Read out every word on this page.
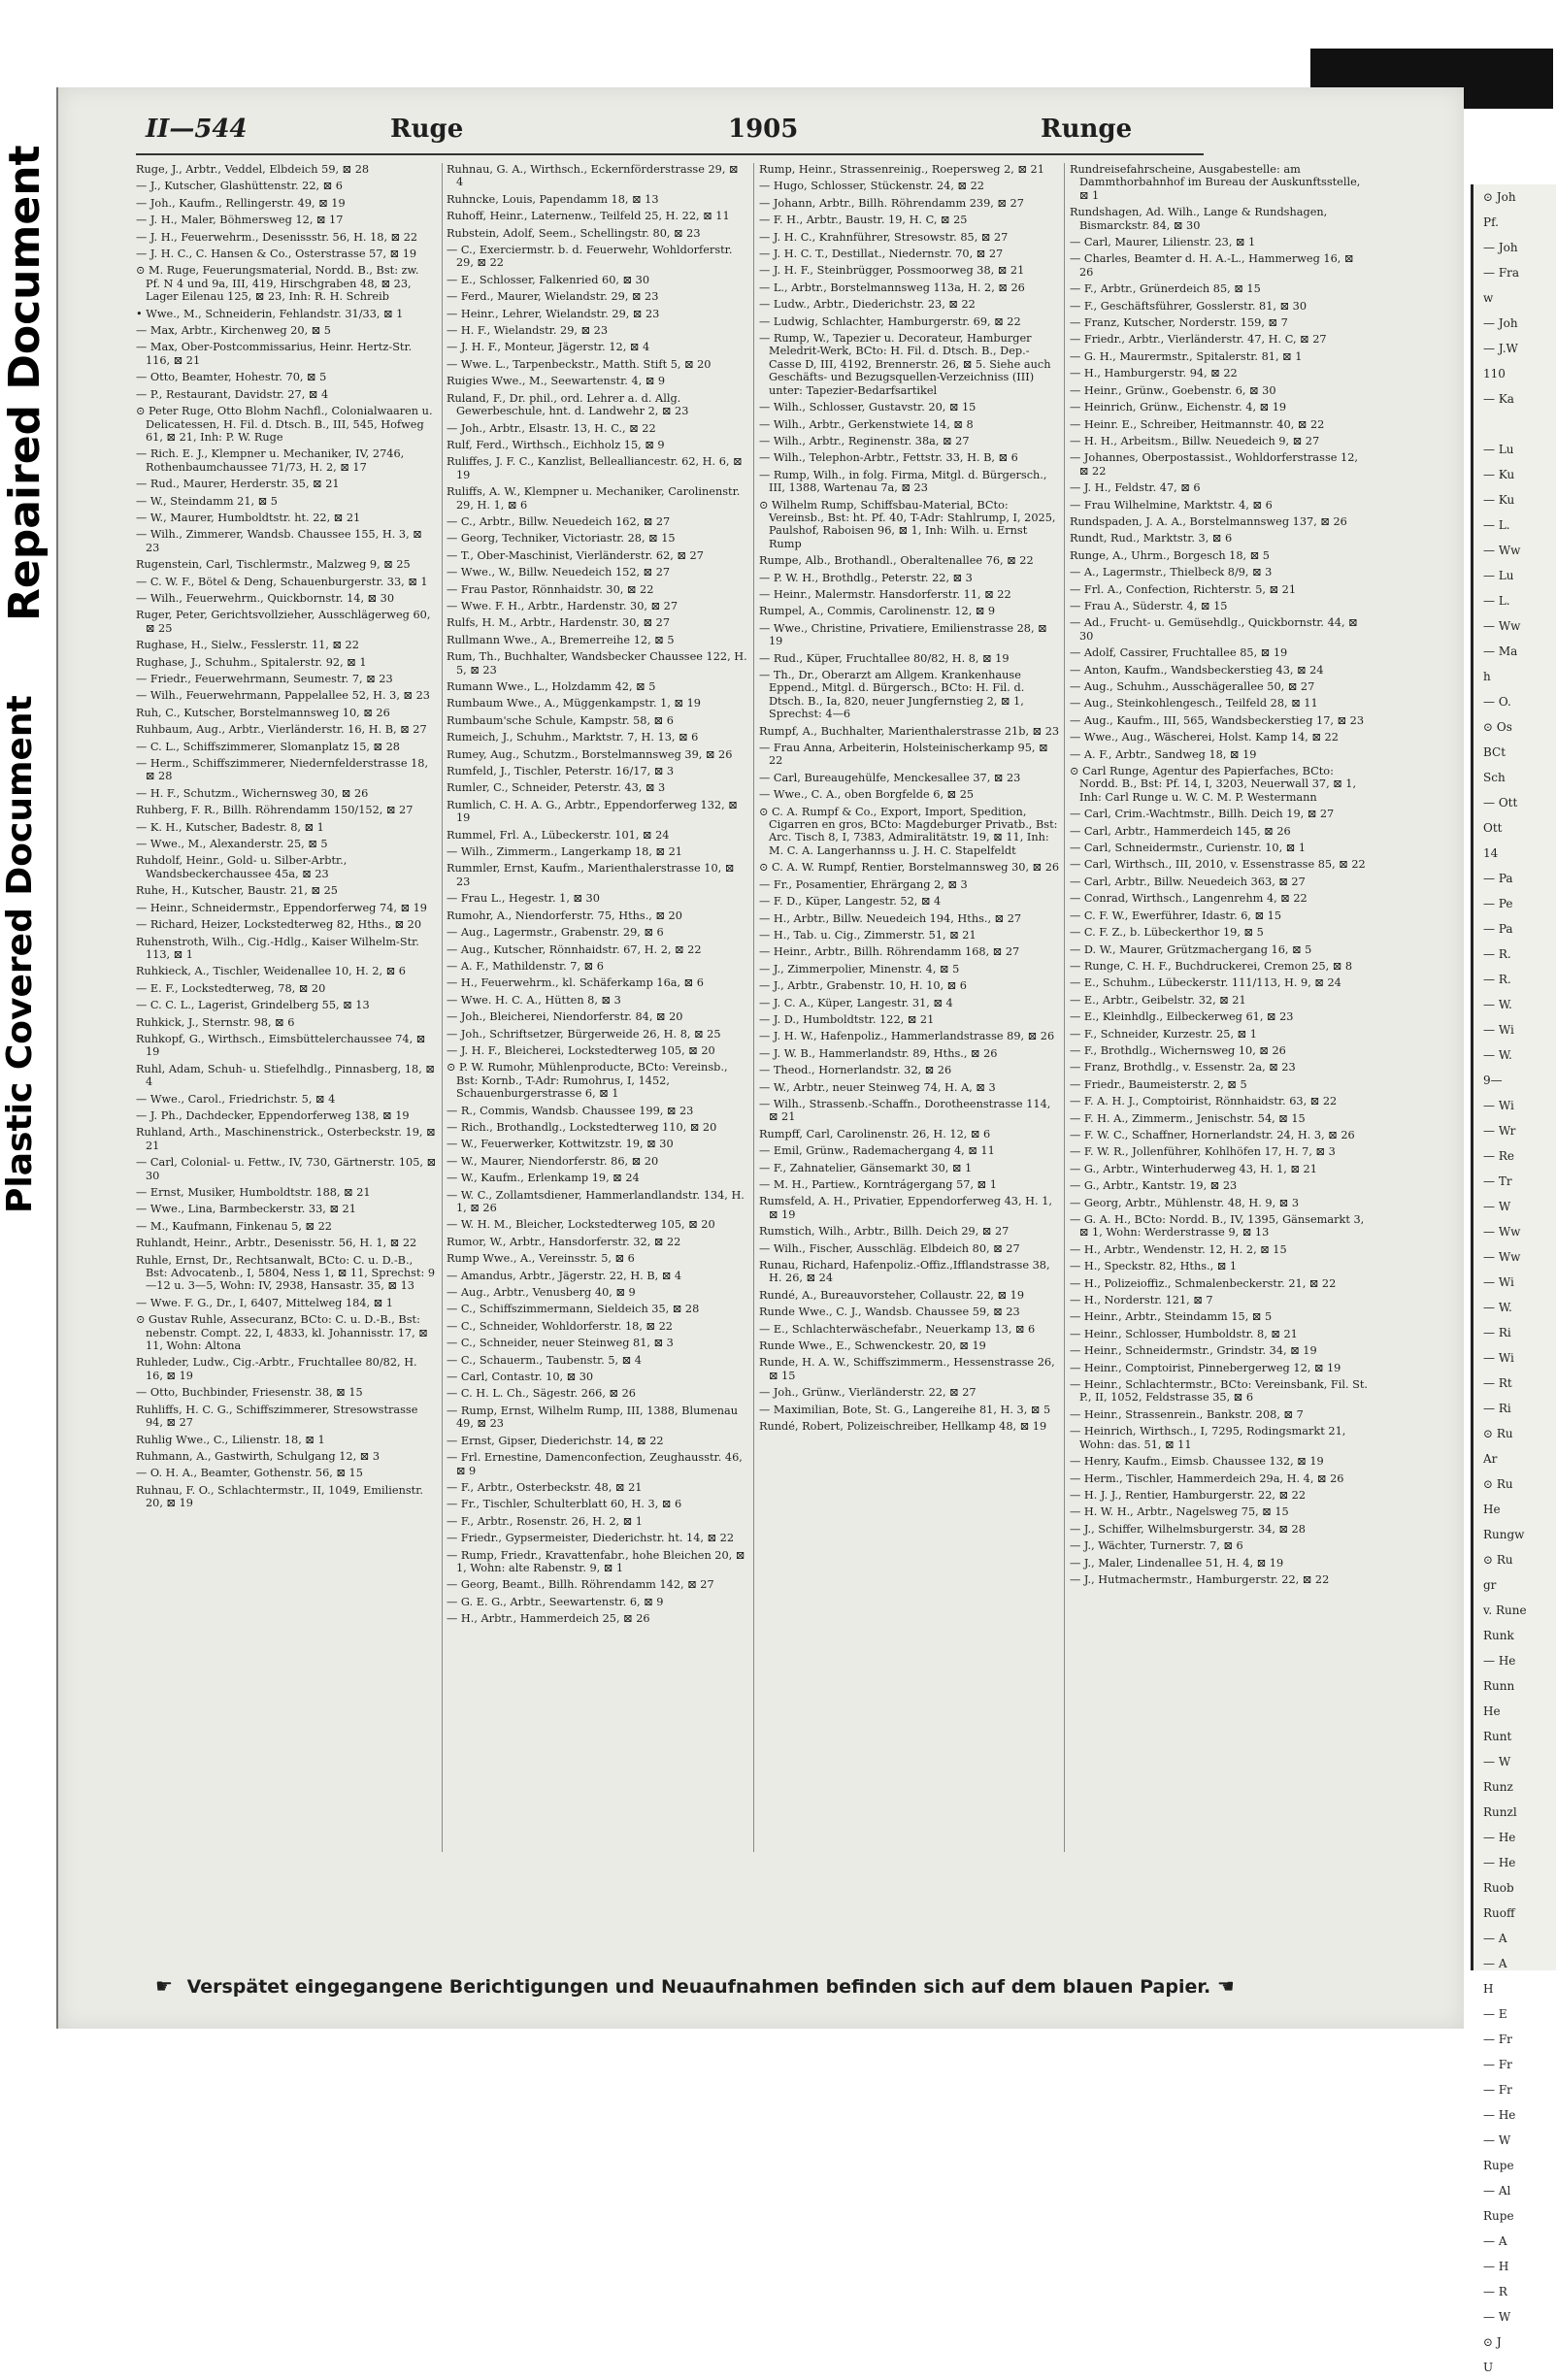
Repaired Document
Plastic Covered Document
II—544	Ruge	1905	Runge
Ruge, J., Arbtr., Veddel, Elbdeich 59, ⊠ 28
— J., Kutscher, Glashüttenstr. 22, ⊠ 6
— Joh., Kaufm., Rellingerstr. 49, ⊠ 19
— J. H., Maler, Böhmersweg 12, ⊠ 17
— J. H., Feuerwehrm., Desenissstr. 56, H. 18, ⊠ 22
— J. H. C., C. Hansen & Co., Osterstrasse 57, ⊠ 19
⊙ M. Ruge, Feuerungsmaterial, Nordd. B., Bst: zw. Pf. N 4 und 9a, III, 419, Hirschgraben 48, ⊠ 23, Lager Eilenau 125, ⊠ 23, Inh: R. H. Schreib
• Wwe., M., Schneiderin, Fehlandstr. 31/33, ⊠ 1
— Max, Arbtr., Kirchenweg 20, ⊠ 5
— Max, Ober-Postcommissarius, Heinr. Hertz-Str. 116, ⊠ 21
— Otto, Beamter, Hohestr. 70, ⊠ 5
— P., Restaurant, Davidstr. 27, ⊠ 4
⊙ Peter Ruge, Otto Blohm Nachfl., Colonialwaaren u. Delicatessen, H. Fil. d. Dtsch. B., III, 545, Hofweg 61, ⊠ 21, Inh: P. W. Ruge
— Rich. E. J., Klempner u. Mechaniker, IV, 2746, Rothenbaumchaussee 71/73, H. 2, ⊠ 17
— Rud., Maurer, Herderstr. 35, ⊠ 21
— W., Steindamm 21, ⊠ 5
— W., Maurer, Humboldtstr. ht. 22, ⊠ 21
— Wilh., Zimmerer, Wandsb. Chaussee 155, H. 3, ⊠ 23
Rugenstein, Carl, Tischlermstr., Malzweg 9, ⊠ 25
— C. W. F., Bötel & Deng, Schauenburgerstr. 33, ⊠ 1
— Wilh., Feuerwehrm., Quickbornstr. 14, ⊠ 30
Ruger, Peter, Gerichtsvollzieher, Ausschlägerweg 60, ⊠ 25
Rughase, H., Sielw., Fesslerstr. 11, ⊠ 22
Rughase, J., Schuhm., Spitalerstr. 92, ⊠ 1
— Friedr., Feuerwehrmann, Seumestr. 7, ⊠ 23
— Wilh., Feuerwehrmann, Pappelallee 52, H. 3, ⊠ 23
Ruh, C., Kutscher, Borstelmannsweg 10, ⊠ 26
Ruhbaum, Aug., Arbtr., Vierländerstr. 16, H. B, ⊠ 27
— C. L., Schiffszimmerer, Slomanplatz 15, ⊠ 28
— Herm., Schiffszimmerer, Niedernfelderstrasse 18, ⊠ 28
— H. F., Schutzm., Wichernsweg 30, ⊠ 26
Ruhberg, F. R., Billh. Röhrendamm 150/152, ⊠ 27
— K. H., Kutscher, Badestr. 8, ⊠ 1
— Wwe., M., Alexanderstr. 25, ⊠ 5
Ruhdolf, Heinr., Gold- u. Silber-Arbtr., Wandsbeckerchaussee 45a, ⊠ 23
Ruhe, H., Kutscher, Baustr. 21, ⊠ 25
— Heinr., Schneidermstr., Eppendorferweg 74, ⊠ 19
— Richard, Heizer, Lockstedterweg 82, Hths., ⊠ 20
Ruhenstroth, Wilh., Cig.-Hdlg., Kaiser Wilhelm-Str. 113, ⊠ 1
Ruhkieck, A., Tischler, Weidenallee 10, H. 2, ⊠ 6
— E. F., Lockstedterweg, 78, ⊠ 20
— C. C. L., Lagerist, Grindelberg 55, ⊠ 13
Ruhkick, J., Sternstr. 98, ⊠ 6
Ruhkopf, G., Wirthsch., Eimsbüttelerchaussee 74, ⊠ 19
Ruhl, Adam, Schuh- u. Stiefelhdlg., Pinnasberg, 18, ⊠ 4
— Wwe., Carol., Friedrichstr. 5, ⊠ 4
— J. Ph., Dachdecker, Eppendorferweg 138, ⊠ 19
Ruhland, Arth., Maschinenstrick., Osterbeckstr. 19, ⊠ 21
— Carl, Colonial- u. Fettw., IV, 730, Gärtnerstr. 105, ⊠ 30
— Ernst, Musiker, Humboldtstr. 188, ⊠ 21
— Wwe., Lina, Barmbeckerstr. 33, ⊠ 21
— M., Kaufmann, Finkenau 5, ⊠ 22
Ruhlandt, Heinr., Arbtr., Desenisstr. 56, H. 1, ⊠ 22
Ruhle, Ernst, Dr., Rechtsanwalt, BCto: C. u. D.-B., Bst: Advocatenb., I, 5804, Ness 1, ⊠ 11, Sprechst: 9—12 u. 3—5, Wohn: IV, 2938, Hansastr. 35, ⊠ 13
— Wwe. F. G., Dr., I, 6407, Mittelweg 184, ⊠ 1
⊙ Gustav Ruhle, Assecuranz, BCto: C. u. D.-B., Bst: nebenstr. Compt. 22, I, 4833, kl. Johannisstr. 17, ⊠ 11, Wohn: Altona
Ruhleder, Ludw., Cig.-Arbtr., Fruchtallee 80/82, H. 16, ⊠ 19
— Otto, Buchbinder, Friesenstr. 38, ⊠ 15
Ruhliffs, H. C. G., Schiffszimmerer, Stresowstrasse 94, ⊠ 27
Ruhlig Wwe., C., Lilienstr. 18, ⊠ 1
Ruhmann, A., Gastwirth, Schulgang 12, ⊠ 3
— O. H. A., Beamter, Gothenstr. 56, ⊠ 15
Ruhnau, F. O., Schlachtermstr., II, 1049, Emilienstr. 20, ⊠ 19
Ruhnau, G. A., Wirthsch., Eckernförderstrasse 29, ⊠ 4
Ruhncke, Louis, Papendamm 18, ⊠ 13
Ruhoff, Heinr., Laternenw., Teilfeld 25, H. 22, ⊠ 11
Rubstein, Adolf, Seem., Schellingstr. 80, ⊠ 23
— C., Exerciermstr. b. d. Feuerwehr, Wohldorferstr. 29, ⊠ 22
— E., Schlosser, Falkenried 60, ⊠ 30
— Ferd., Maurer, Wielandstr. 29, ⊠ 23
— Heinr., Lehrer, Wielandstr. 29, ⊠ 23
— H. F., Wielandstr. 29, ⊠ 23
— J. H. F., Monteur, Jägerstr. 12, ⊠ 4
— Wwe. L., Tarpenbeckstr., Matth. Stift 5, ⊠ 20
Ruigies Wwe., M., Seewartenstr. 4, ⊠ 9
Ruland, F., Dr. phil., ord. Lehrer a. d. Allg. Gewerbeschule, hnt. d. Landwehr 2, ⊠ 23
— Joh., Arbtr., Elsastr. 13, H. C., ⊠ 22
Rulf, Ferd., Wirthsch., Eichholz 15, ⊠ 9
Ruliffes, J. F. C., Kanzlist, Bellealliancestr. 62, H. 6, ⊠ 19
Ruliffs, A. W., Klempner u. Mechaniker, Carolinenstr. 29, H. 1, ⊠ 6
— C., Arbtr., Billw. Neuedeich 162, ⊠ 27
— Georg, Techniker, Victoriastr. 28, ⊠ 15
— T., Ober-Maschinist, Vierländerstr. 62, ⊠ 27
— Wwe., W., Billw. Neuedeich 152, ⊠ 27
— Frau Pastor, Rönnhaidstr. 30, ⊠ 22
— Wwe. F. H., Arbtr., Hardenstr. 30, ⊠ 27
Rulfs, H. M., Arbtr., Hardenstr. 30, ⊠ 27
Rullmann Wwe., A., Bremerreihe 12, ⊠ 5
Rum, Th., Buchhalter, Wandsbecker Chaussee 122, H. 5, ⊠ 23
Rumann Wwe., L., Holzdamm 42, ⊠ 5
Rumbaum Wwe., A., Müggenkampstr. 1, ⊠ 19
Rumbaum'sche Schule, Kampstr. 58, ⊠ 6
Rumeich, J., Schuhm., Marktstr. 7, H. 13, ⊠ 6
Rumey, Aug., Schutzm., Borstelmannsweg 39, ⊠ 26
Rumfeld, J., Tischler, Peterstr. 16/17, ⊠ 3
Rumler, C., Schneider, Peterstr. 43, ⊠ 3
Rumlich, C. H. A. G., Arbtr., Eppendorferweg 132, ⊠ 19
Rummel, Frl. A., Lübeckerstr. 101, ⊠ 24
— Wilh., Zimmerm., Langerkamp 18, ⊠ 21
Rummler, Ernst, Kaufm., Marienthalerstrasse 10, ⊠ 23
— Frau L., Hegestr. 1, ⊠ 30
Rumohr, A., Niendorferstr. 75, Hths., ⊠ 20
— Aug., Lagermstr., Grabenstr. 29, ⊠ 6
— Aug., Kutscher, Rönnhaidstr. 67, H. 2, ⊠ 22
— A. F., Mathildenstr. 7, ⊠ 6
— H., Feuerwehrm., kl. Schäferkamp 16a, ⊠ 6
— Wwe. H. C. A., Hütten 8, ⊠ 3
— Joh., Bleicherei, Niendorferstr. 84, ⊠ 20
— Joh., Schriftsetzer, Bürgerweide 26, H. 8, ⊠ 25
— J. H. F., Bleicherei, Lockstedterweg 105, ⊠ 20
⊙ P. W. Rumohr, Mühlenproducte, BCto: Vereinsb., Bst: Kornb., T-Adr: Rumohrus, I, 1452, Schauenburgerstrasse 6, ⊠ 1
— R., Commis, Wandsb. Chaussee 199, ⊠ 23
— Rich., Brothandlg., Lockstedterweg 110, ⊠ 20
— W., Feuerwerker, Kottwitzstr. 19, ⊠ 30
— W., Maurer, Niendorferstr. 86, ⊠ 20
— W., Kaufm., Erlenkamp 19, ⊠ 24
— W. C., Zollamtsdiener, Hammerlandlandstr. 134, H. 1, ⊠ 26
— W. H. M., Bleicher, Lockstedterweg 105, ⊠ 20
Rumor, W., Arbtr., Hansdorferstr. 32, ⊠ 22
Rump Wwe., A., Vereinsstr. 5, ⊠ 6
— Amandus, Arbtr., Jägerstr. 22, H. B, ⊠ 4
— Aug., Arbtr., Venusberg 40, ⊠ 9
— C., Schiffszimmermann, Sieldeich 35, ⊠ 28
— C., Schneider, Wohldorferstr. 18, ⊠ 22
— C., Schneider, neuer Steinweg 81, ⊠ 3
— C., Schauerm., Taubenstr. 5, ⊠ 4
— Carl, Contastr. 10, ⊠ 30
— C. H. L. Ch., Sägestr. 266, ⊠ 26
— Rump, Ernst, Wilhelm Rump, III, 1388, Blumenau 49, ⊠ 23
— Ernst, Gipser, Diederichstr. 14, ⊠ 22
— Frl. Ernestine, Damenconfection, Zeughausstr. 46, ⊠ 9
— F., Arbtr., Osterbeckstr. 48, ⊠ 21
— Fr., Tischler, Schulterblatt 60, H. 3, ⊠ 6
— F., Arbtr., Rosenstr. 26, H. 2, ⊠ 1
— Friedr., Gypsermeister, Diederichstr. ht. 14, ⊠ 22
— Rump, Friedr., Kravattenfabr., hohe Bleichen 20, ⊠ 1, Wohn: alte Rabenstr. 9, ⊠ 1
— Georg, Beamt., Billh. Röhrendamm 142, ⊠ 27
— G. E. G., Arbtr., Seewartenstr. 6, ⊠ 9
— H., Arbtr., Hammerdeich 25, ⊠ 26
Rump, Heinr., Strassenreinig., Roepersweg 2, ⊠ 21
— Hugo, Schlosser, Stückenstr. 24, ⊠ 22
— Johann, Arbtr., Billh. Röhrendamm 239, ⊠ 27
— F. H., Arbtr., Baustr. 19, H. C, ⊠ 25
— J. H. C., Krahnführer, Stresowstr. 85, ⊠ 27
— J. H. C. T., Destillat., Niedernstr. 70, ⊠ 27
— J. H. F., Steinbrügger, Possmoorweg 38, ⊠ 21
— L., Arbtr., Borstelmannsweg 113a, H. 2, ⊠ 26
— Ludw., Arbtr., Diederichstr. 23, ⊠ 22
— Ludwig, Schlachter, Hamburgerstr. 69, ⊠ 22
— Rump, W., Tapezier u. Decorateur, Hamburger Meledrit-Werk, BCto: H. Fil. d. Dtsch. B., Dep.-Casse D, III, 4192, Brennerstr. 26, ⊠ 5. Siehe auch Geschäfts- und Bezugsquellen-Verzeichniss (III) unter: Tapezier-Bedarfsartikel
— Wilh., Schlosser, Gustavstr. 20, ⊠ 15
— Wilh., Arbtr., Gerkenstwiete 14, ⊠ 8
— Wilh., Arbtr., Reginenstr. 38a, ⊠ 27
— Wilh., Telephon-Arbtr., Fettstr. 33, H. B, ⊠ 6
— Rump, Wilh., in folg. Firma, Mitgl. d. Bürgersch., III, 1388, Wartenau 7a, ⊠ 23
⊙ Wilhelm Rump, Schiffsbau-Material, BCto: Vereinsb., Bst: ht. Pf. 40, T-Adr: Stahlrump, I, 2025, Paulshof, Raboisen 96, ⊠ 1, Inh: Wilh. u. Ernst Rump
Rumpe, Alb., Brothandl., Oberaltenallee 76, ⊠ 22
— P. W. H., Brothdlg., Peterstr. 22, ⊠ 3
— Heinr., Malermstr. Hansdorferstr. 11, ⊠ 22
Rumpel, A., Commis, Carolinenstr. 12, ⊠ 9
— Wwe., Christine, Privatiere, Emilienstrasse 28, ⊠ 19
— Rud., Küper, Fruchtallee 80/82, H. 8, ⊠ 19
— Th., Dr., Oberarzt am Allgem. Krankenhause Eppend., Mitgl. d. Bürgersch., BCto: H. Fil. d. Dtsch. B., Ia, 820, neuer Jungfernstieg 2, ⊠ 1, Sprechst: 4—6
Rumpf, A., Buchhalter, Marienthalerstrasse 21b, ⊠ 23
— Frau Anna, Arbeiterin, Holsteinischerkamp 95, ⊠ 22
— Carl, Bureaugehülfe, Menckesallee 37, ⊠ 23
— Wwe., C. A., oben Borgfelde 6, ⊠ 25
⊙ C. A. Rumpf & Co., Export, Import, Spedition, Cigarren en gros, BCto: Magdeburger Privatb., Bst: Arc. Tisch 8, I, 7383, Admiralitätstr. 19, ⊠ 11, Inh: M. C. A. Langerhannss u. J. H. C. Stapelfeldt
⊙ C. A. W. Rumpf, Rentier, Borstelmannsweg 30, ⊠ 26
— Fr., Posamentier, Ehrärgang 2, ⊠ 3
— F. D., Küper, Langestr. 52, ⊠ 4
— H., Arbtr., Billw. Neuedeich 194, Hths., ⊠ 27
— H., Tab. u. Cig., Zimmerstr. 51, ⊠ 21
— Heinr., Arbtr., Billh. Röhrendamm 168, ⊠ 27
— J., Zimmerpolier, Minenstr. 4, ⊠ 5
— J., Arbtr., Grabenstr. 10, H. 10, ⊠ 6
— J. C. A., Küper, Langestr. 31, ⊠ 4
— J. D., Humboldtstr. 122, ⊠ 21
— J. H. W., Hafenpoliz., Hammerlandstrasse 89, ⊠ 26
— J. W. B., Hammerlandstr. 89, Hths., ⊠ 26
— Theod., Hornerlandstr. 32, ⊠ 26
— W., Arbtr., neuer Steinweg 74, H. A, ⊠ 3
— Wilh., Strassenb.-Schaffn., Dorotheenstrasse 114, ⊠ 21
Rumpff, Carl, Carolinenstr. 26, H. 12, ⊠ 6
— Emil, Grünw., Rademachergang 4, ⊠ 11
— F., Zahnatelier, Gänsemarkt 30, ⊠ 1
— M. H., Partiew., Korntrágergang 57, ⊠ 1
Rumsfeld, A. H., Privatier, Eppendorferweg 43, H. 1, ⊠ 19
Rumstich, Wilh., Arbtr., Billh. Deich 29, ⊠ 27
— Wilh., Fischer, Ausschläg. Elbdeich 80, ⊠ 27
Runau, Richard, Hafenpoliz.-Offiz.,Ifflandstrasse 38, H. 26, ⊠ 24
Rundé, A., Bureauvorsteher, Collaustr. 22, ⊠ 19
Runde Wwe., C. J., Wandsb. Chaussee 59, ⊠ 23
— E., Schlachterwäschefabr., Neuerkamp 13, ⊠ 6
Runde Wwe., E., Schwenckestr. 20, ⊠ 19
Runde, H. A. W., Schiffszimmerm., Hessenstrasse 26, ⊠ 15
— Joh., Grünw., Vierländerstr. 22, ⊠ 27
— Maximilian, Bote, St. G., Langereihe 81, H. 3, ⊠ 5
Rundé, Robert, Polizeischreiber, Hellkamp 48, ⊠ 19
Rundreisefahrscheine, Ausgabestelle: am Dammthorbahnhof im Bureau der Auskunftsstelle, ⊠ 1
Rundshagen, Ad. Wilh., Lange & Rundshagen, Bismarckstr. 84, ⊠ 30
— Carl, Maurer, Lilienstr. 23, ⊠ 1
— Charles, Beamter d. H. A.-L., Hammerweg 16, ⊠ 26
— F., Arbtr., Grünerdeich 85, ⊠ 15
— F., Geschäftsführer, Gosslerstr. 81, ⊠ 30
— Franz, Kutscher, Norderstr. 159, ⊠ 7
— Friedr., Arbtr., Vierländerstr. 47, H. C, ⊠ 27
— G. H., Maurermstr., Spitalerstr. 81, ⊠ 1
— H., Hamburgerstr. 94, ⊠ 22
— Heinr., Grünw., Goebenstr. 6, ⊠ 30
— Heinrich, Grünw., Eichenstr. 4, ⊠ 19
— Heinr. E., Schreiber, Heitmannstr. 40, ⊠ 22
— H. H., Arbeitsm., Billw. Neuedeich 9, ⊠ 27
— Johannes, Oberpostassist., Wohldorferstrasse 12, ⊠ 22
— J. H., Feldstr. 47, ⊠ 6
— Frau Wilhelmine, Marktstr. 4, ⊠ 6
Rundspaden, J. A. A., Borstelmannsweg 137, ⊠ 26
Rundt, Rud., Marktstr. 3, ⊠ 6
Runge, A., Uhrm., Borgesch 18, ⊠ 5
— A., Lagermstr., Thielbeck 8/9, ⊠ 3
— Frl. A., Confection, Richterstr. 5, ⊠ 21
— Frau A., Süderstr. 4, ⊠ 15
— Ad., Frucht- u. Gemüsehdlg., Quickbornstr. 44, ⊠ 30
— Adolf, Cassirer, Fruchtallee 85, ⊠ 19
— Anton, Kaufm., Wandsbeckerstieg 43, ⊠ 24
— Aug., Schuhm., Ausschägerallee 50, ⊠ 27
— Aug., Steinkohlengesch., Teilfeld 28, ⊠ 11
— Aug., Kaufm., III, 565, Wandsbeckerstieg 17, ⊠ 23
— Wwe., Aug., Wäscherei, Holst. Kamp 14, ⊠ 22
— A. F., Arbtr., Sandweg 18, ⊠ 19
⊙ Carl Runge, Agentur des Papierfaches, BCto: Nordd. B., Bst: Pf. 14, I, 3203, Neuerwall 37, ⊠ 1, Inh: Carl Runge u. W. C. M. P. Westermann
— Carl, Crim.-Wachtmstr., Billh. Deich 19, ⊠ 27
— Carl, Arbtr., Hammerdeich 145, ⊠ 26
— Carl, Schneidermstr., Curienstr. 10, ⊠ 1
— Carl, Wirthsch., III, 2010, v. Essenstrasse 85, ⊠ 22
— Carl, Arbtr., Billw. Neuedeich 363, ⊠ 27
— Conrad, Wirthsch., Langenrehm 4, ⊠ 22
— C. F. W., Ewerführer, Idastr. 6, ⊠ 15
— C. F. Z., b. Lübeckerthor 19, ⊠ 5
— D. W., Maurer, Grützmachergang 16, ⊠ 5
— Runge, C. H. F., Buchdruckerei, Cremon 25, ⊠ 8
— E., Schuhm., Lübeckerstr. 111/113, H. 9, ⊠ 24
— E., Arbtr., Geibelstr. 32, ⊠ 21
— E., Kleinhdlg., Eilbeckerweg 61, ⊠ 23
— F., Schneider, Kurzestr. 25, ⊠ 1
— F., Brothdlg., Wichernsweg 10, ⊠ 26
— Franz, Brothdlg., v. Essenstr. 2a, ⊠ 23
— Friedr., Baumeisterstr. 2, ⊠ 5
— F. A. H. J., Comptoirist, Rönnhaidstr. 63, ⊠ 22
— F. H. A., Zimmerm., Jenischstr. 54, ⊠ 15
— F. W. C., Schaffner, Hornerlandstr. 24, H. 3, ⊠ 26
— F. W. R., Jollenführer, Kohlhöfen 17, H. 7, ⊠ 3
— G., Arbtr., Winterhuderweg 43, H. 1, ⊠ 21
— G., Arbtr., Kantstr. 19, ⊠ 23
— Georg, Arbtr., Mühlenstr. 48, H. 9, ⊠ 3
— G. A. H., BCto: Nordd. B., IV, 1395, Gänsemarkt 3, ⊠ 1, Wohn: Werderstrasse 9, ⊠ 13
— H., Arbtr., Wendenstr. 12, H. 2, ⊠ 15
— H., Speckstr. 82, Hths., ⊠ 1
— H., Polizeioffiz., Schmalenbeckerstr. 21, ⊠ 22
— H., Norderstr. 121, ⊠ 7
— Heinr., Arbtr., Steindamm 15, ⊠ 5
— Heinr., Schlosser, Humboldstr. 8, ⊠ 21
— Heinr., Schneidermstr., Grindstr. 34, ⊠ 19
— Heinr., Comptoirist, Pinnebergerweg 12, ⊠ 19
— Heinr., Schlachtermstr., BCto: Vereinsbank, Fil. St. P., II, 1052, Feldstrasse 35, ⊠ 6
— Heinr., Strassenrein., Bankstr. 208, ⊠ 7
— Heinrich, Wirthsch., I, 7295, Rodingsmarkt 21, Wohn: das. 51, ⊠ 11
— Henry, Kaufm., Eimsb. Chaussee 132, ⊠ 19
— Herm., Tischler, Hammerdeich 29a, H. 4, ⊠ 26
— H. J. J., Rentier, Hamburgerstr. 22, ⊠ 22
— H. W. H., Arbtr., Nagelsweg 75, ⊠ 15
— J., Schiffer, Wilhelmsburgerstr. 34, ⊠ 28
— J., Wächter, Turnerstr. 7, ⊠ 6
— J., Maler, Lindenallee 51, H. 4, ⊠ 19
— J., Hutmachermstr., Hamburgerstr. 22, ⊠ 22
☛ Verspätet eingegangene Berichtigungen und Neuaufnahmen befinden sich auf dem blauen Papier. ☚
⊙ Joh
Pf.
— Joh
— Fra
w
— Joh
— J.W
110
— Ka

— Lu
— Ku
— Ku
— L.
— Ww
— Lu
— L.
— Ww
— Ma
h
— O.
⊙ Os
BCt
Sch
— Ott
Ott
14
— Pa
— Pe
— Pa
— R.
— R.
— W.
— Wi
— W.
9—
— Wi
— Wr
— Re
— Tr
— W
— Ww
— Ww
— Wi
— W.
— Ri
— Wi
— Rt
— Ri
⊙ Ru
Ar
⊙ Ru
He
Rungw
⊙ Ru
gr
v. Rune
Runk
— He
Runn
He
Runt
— W
Runz
Runzl
— He
— He
Ruob
Ruoff
— A
— A
H
— E
— Fr
— Fr
— Fr
— He
— W
Rupe
— Al
Rupe
— A
— H
— R
— W
⊙ J
U
